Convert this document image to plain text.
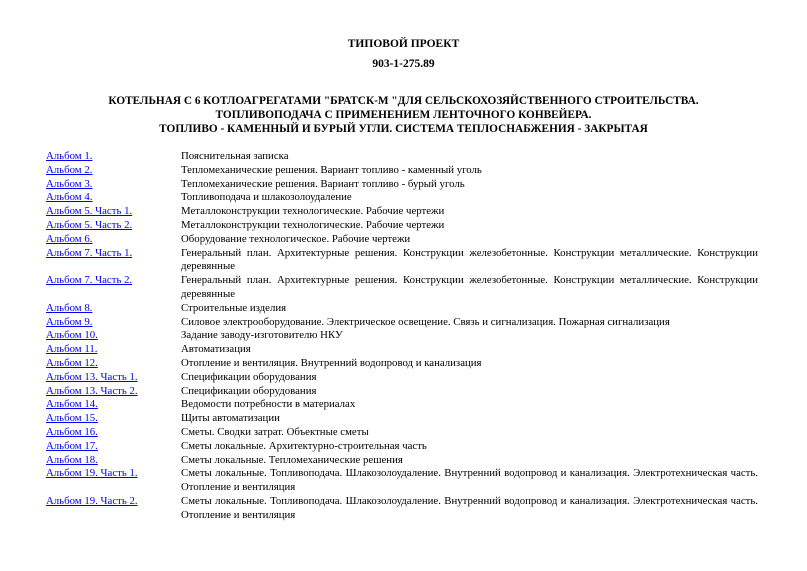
ТИПОВОЙ ПРОЕКТ
903-1-275.89
КОТЕЛЬНАЯ С 6 КОТЛОАГРЕГАТАМИ "БРАТСК-М "ДЛЯ СЕЛЬСКОХОЗЯЙСТВЕННОГО СТРОИТЕЛЬСТВА.
ТОПЛИВОПОДАЧА С ПРИМЕНЕНИЕМ ЛЕНТОЧНОГО КОНВЕЙЕРА.
ТОПЛИВО - КАМЕННЫЙ И БУРЫЙ УГЛИ. СИСТЕМА ТЕПЛОСНАБЖЕНИЯ - ЗАКРЫТАЯ
Альбом 1.	Пояснительная записка
Альбом 2.	Тепломеханические решения. Вариант топливо - каменный уголь
Альбом 3.	Тепломеханические решения. Вариант топливо - бурый уголь
Альбом 4.	Топливоподача и шлакозолоудаление
Альбом 5. Часть 1.	Металлоконструкции технологические. Рабочие чертежи
Альбом 5. Часть 2.	Металлоконструкции технологические. Рабочие чертежи
Альбом 6.	Оборудование технологическое. Рабочие чертежи
Альбом 7. Часть 1.	Генеральный план. Архитектурные решения. Конструкции железобетонные. Конструкции металлические. Конструкции деревянные
Альбом 7. Часть 2.	Генеральный план. Архитектурные решения. Конструкции железобетонные. Конструкции металлические. Конструкции деревянные
Альбом 8.	Строительные изделия
Альбом 9.	Силовое электрооборудование. Электрическое освещение. Связь и сигнализация. Пожарная сигнализация
Альбом 10.	Задание заводу-изготовителю НКУ
Альбом 11.	Автоматизация
Альбом 12.	Отопление и вентиляция. Внутренний водопровод и канализация
Альбом 13. Часть 1.	Спецификации оборудования
Альбом 13. Часть 2.	Спецификации оборудования
Альбом 14.	Ведомости потребности в материалах
Альбом 15.	Щиты автоматизации
Альбом 16.	Сметы. Сводки затрат. Объектные сметы
Альбом 17.	Сметы локальные. Архитектурно-строительная часть
Альбом 18.	Сметы локальные. Тепломеханические решения
Альбом 19. Часть 1.	Сметы локальные. Топливоподача. Шлакозолоудаление. Внутренний водопровод и канализация. Электротехническая часть. Отопление и вентиляция
Альбом 19. Часть 2.	Сметы локальные. Топливоподача. Шлакозолоудаление. Внутренний водопровод и канализация. Электротехническая часть. Отопление и вентиляция
